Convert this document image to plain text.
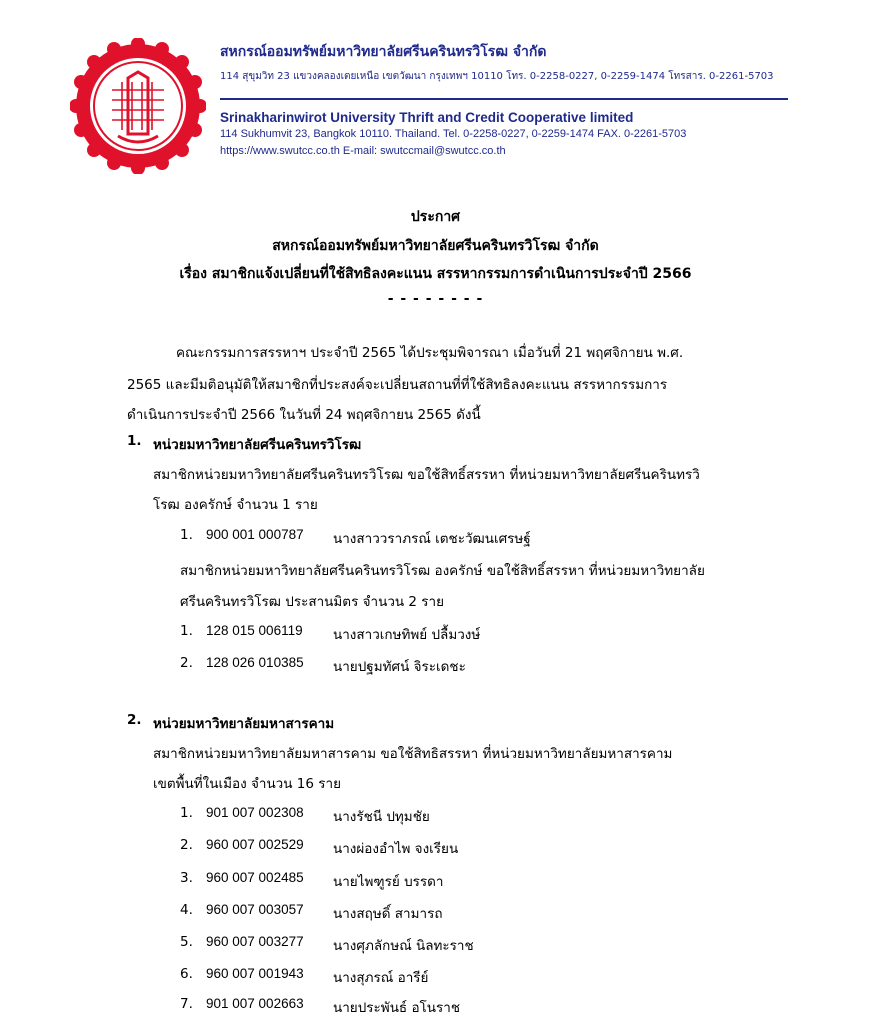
สหกรณ์ออมทรัพย์มหาวิทยาลัยศรีนครินทรวิโรฒ จำกัด
114 สุขุมวิท 23 แขวงคลองเตยเหนือ เขตวัฒนา กรุงเทพฯ 10110 โทร. 0-2258-0227, 0-2259-1474 โทรสาร. 0-2261-5703
Srinakharinwirot University Thrift and Credit Cooperative limited
114 Sukhumvit 23, Bangkok 10110. Thailand. Tel. 0-2258-0227, 0-2259-1474 FAX. 0-2261-5703
https://www.swutcc.co.th E-mail: swutccmail@swutcc.co.th
ประกาศ
สหกรณ์ออมทรัพย์มหาวิทยาลัยศรีนครินทรวิโรฒ จำกัด
เรื่อง สมาชิกแจ้งเปลี่ยนที่ใช้สิทธิลงคะแนน สรรหากรรมการดำเนินการประจำปี 2566
- - - - - - - -
คณะกรรมการสรรหาฯ ประจำปี 2565 ได้ประชุมพิจารณา เมื่อวันที่ 21 พฤศจิกายน พ.ศ.
2565 และมีมติอนุมัติให้สมาชิกที่ประสงค์จะเปลี่ยนสถานที่ที่ใช้สิทธิลงคะแนน สรรหากรรมการ
ดำเนินการประจำปี 2566 ในวันที่ 24 พฤศจิกายน 2565 ดังนี้
1. หน่วยมหาวิทยาลัยศรีนครินทรวิโรฒ
สมาชิกหน่วยมหาวิทยาลัยศรีนครินทรวิโรฒ ขอใช้สิทธิ์สรรหา ที่หน่วยมหาวิทยาลัยศรีนครินทรวิ
โรฒ องครักษ์ จำนวน 1 ราย
1. 900 001 000787 นางสาววราภรณ์ เตชะวัฒนเศรษฐ์
สมาชิกหน่วยมหาวิทยาลัยศรีนครินทรวิโรฒ องครักษ์ ขอใช้สิทธิ์สรรหา ที่หน่วยมหาวิทยาลัย
ศรีนครินทรวิโรฒ ประสานมิตร จำนวน 2 ราย
1. 128 015 006119 นางสาวเกษทิพย์ ปลื้มวงษ์
2. 128 026 010385 นายปฐมทัศน์ จิระเดชะ
2. หน่วยมหาวิทยาลัยมหาสารคาม
สมาชิกหน่วยมหาวิทยาลัยมหาสารคาม ขอใช้สิทธิสรรหา ที่หน่วยมหาวิทยาลัยมหาสารคาม
เขตพื้นที่ในเมือง จำนวน 16 ราย
1. 901 007 002308 นางรัชนี ปทุมชัย
2. 960 007 002529 นางผ่องอำไพ จงเรียน
3. 960 007 002485 นายไพฑูรย์ บรรดา
4. 960 007 003057 นางสฤษดิ์ สามารถ
5. 960 007 003277 นางศุภลักษณ์ นิลทะราช
6. 960 007 001943 นางสุภรณ์ อารีย์
7. 901 007 002663 นายประพันธ์ อโนราช
